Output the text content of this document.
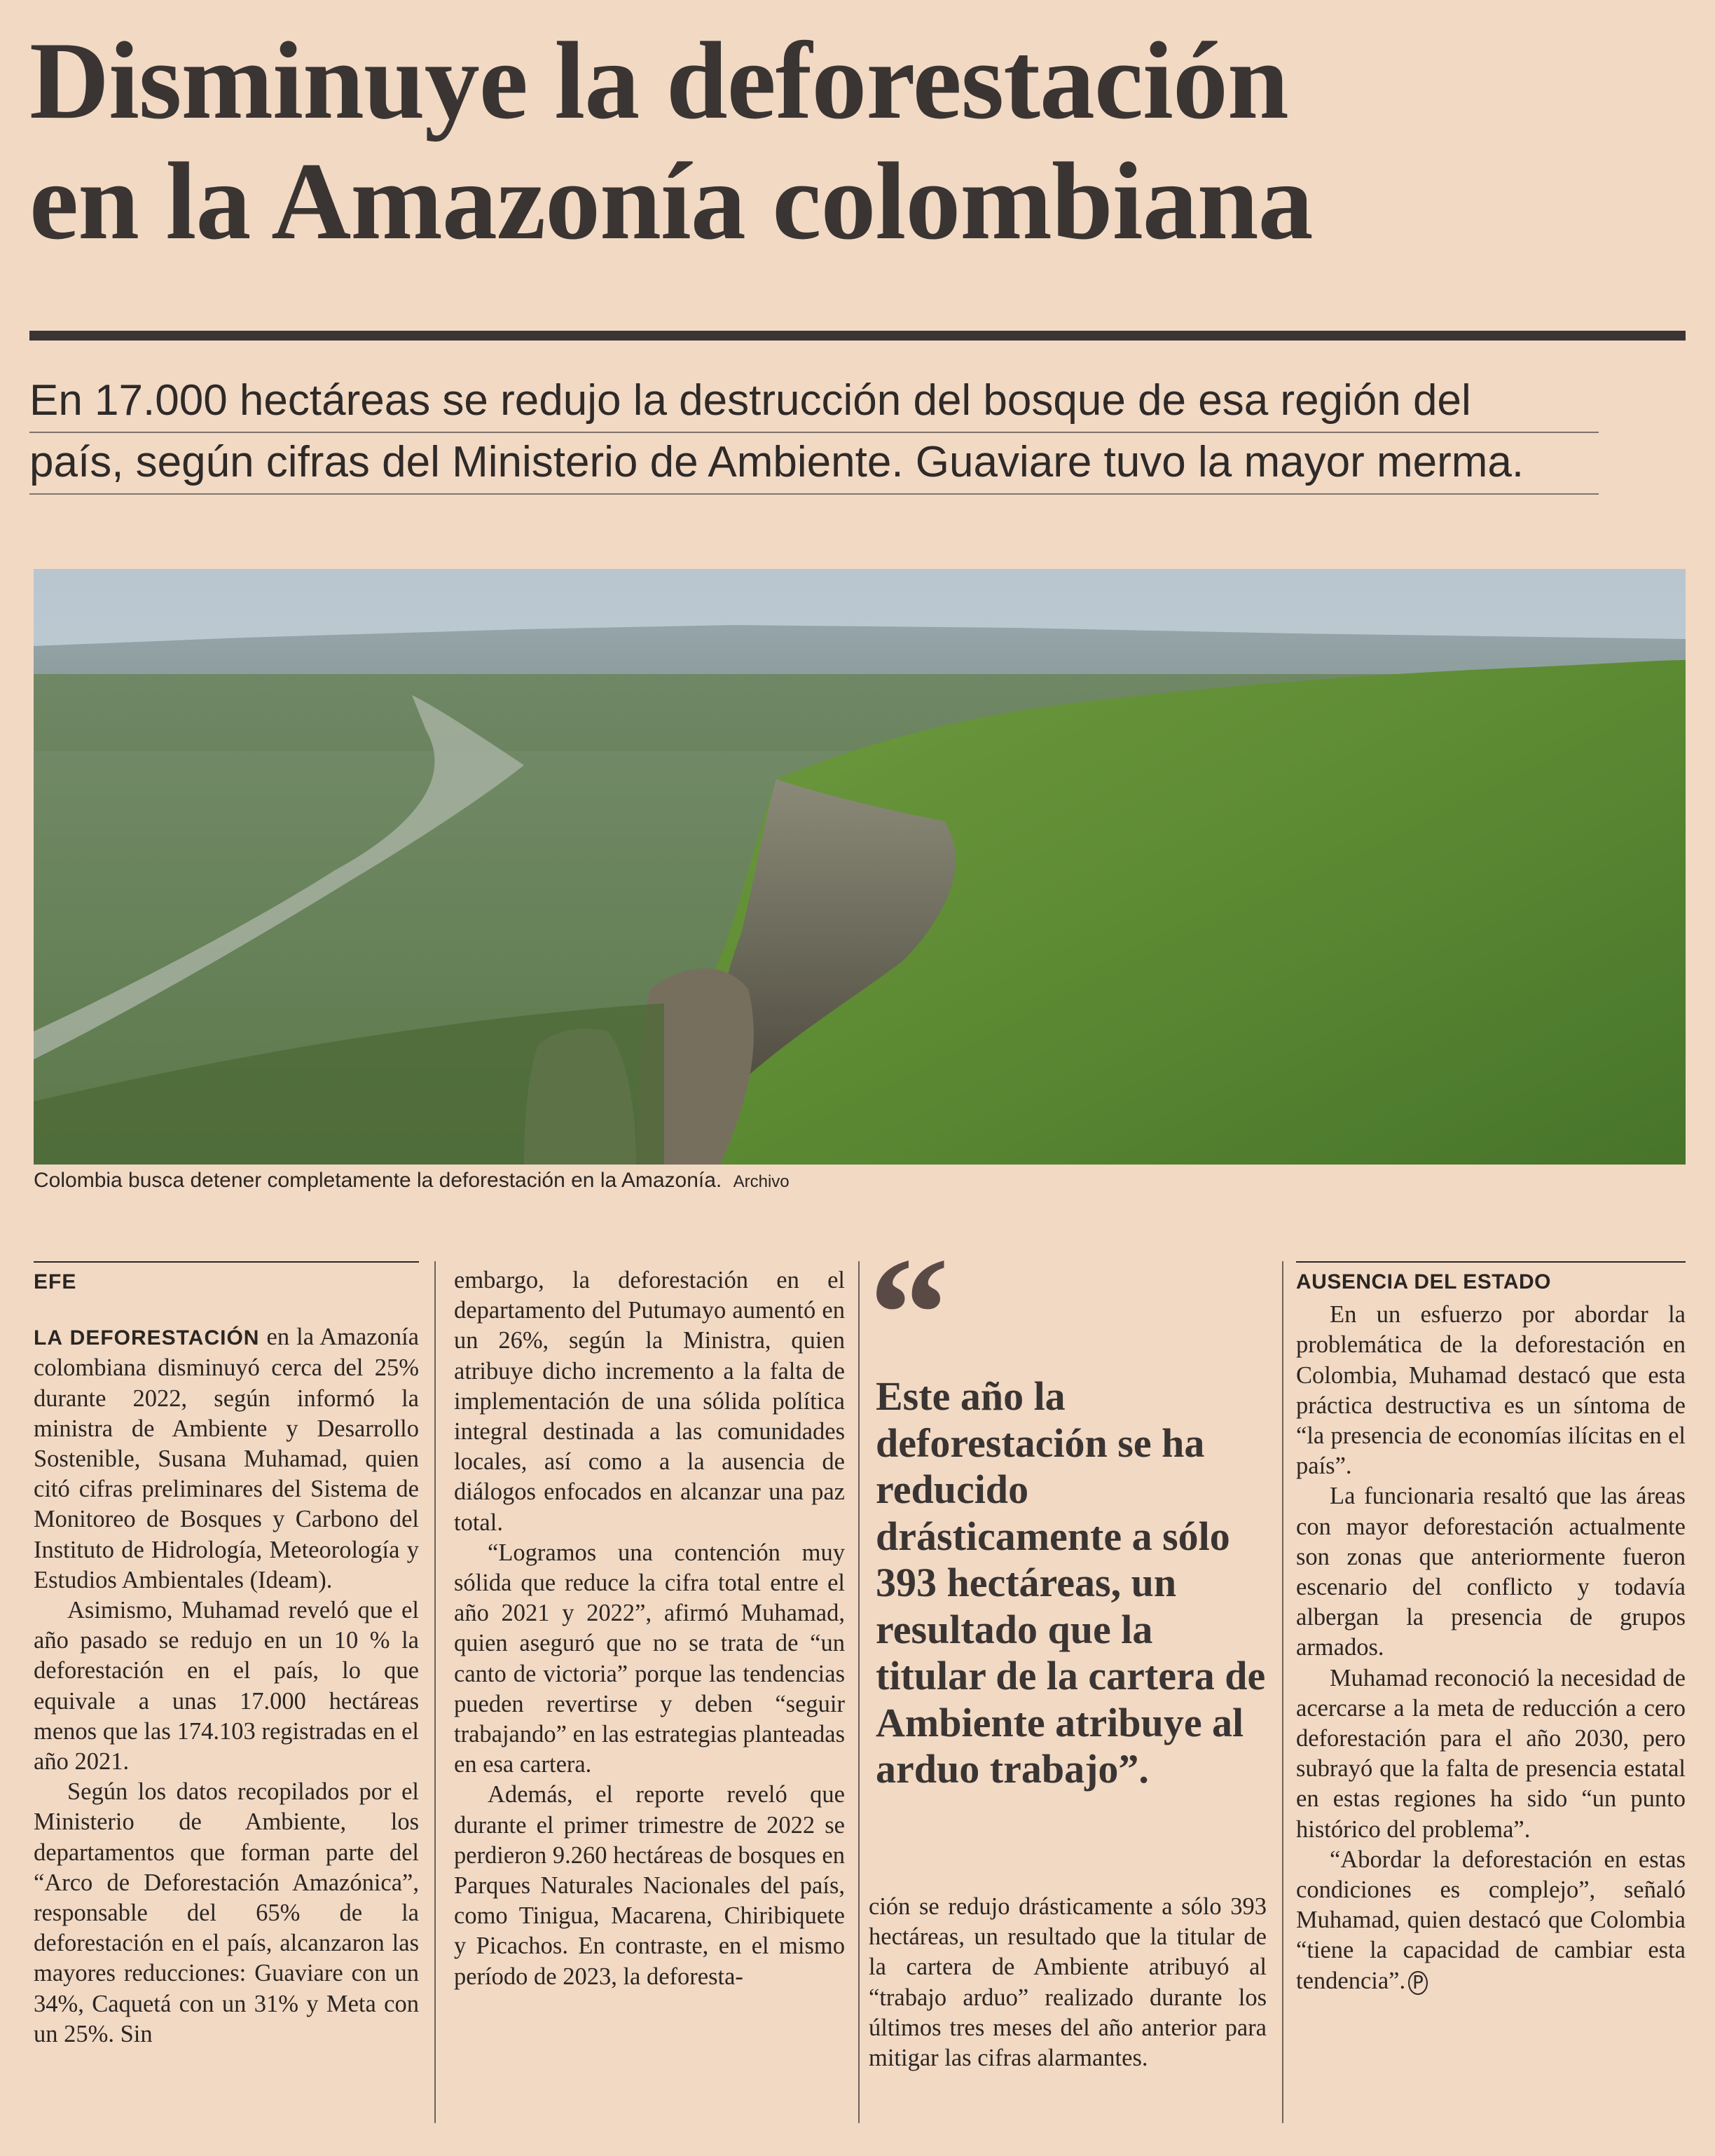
Disminuye la deforestación
en la Amazonía colombiana

En 17.000 hectáreas se redujo la destrucción del bosque de esa región del
país, según cifras del Ministerio de Ambiente. Guaviare tuvo la mayor merma.

Colombia busca detener completamente la deforestación en la Amazonía. Archivo
EFE

LA DEFORESTACIÓN en la Amazonía colombiana disminuyó cerca del 25% durante 2022, según informó la ministra de Ambiente y Desarrollo Sostenible, Susana Muhamad, quien citó cifras preliminares del Sistema de Monitoreo de Bosques y Carbono del Instituto de Hidrología, Meteorología y Estudios Ambientales (Ideam).

Asimismo, Muhamad reveló que el año pasado se redujo en un 10 % la deforestación en el país, lo que equivale a unas 17.000 hectáreas menos que las 174.103 registradas en el año 2021.

Según los datos recopilados por el Ministerio de Ambiente, los departamentos que forman parte del “Arco de Deforestación Amazónica”, responsable del 65% de la deforestación en el país, alcanzaron las mayores reducciones: Guaviare con un 34%, Caquetá con un 31% y Meta con un 25%. Sin

embargo, la deforestación en el departamento del Putumayo aumentó en un 26%, según la Ministra, quien atribuye dicho incremento a la falta de implementación de una sólida política integral destinada a las comunidades locales, así como a la ausencia de diálogos enfocados en alcanzar una paz total.

“Logramos una contención muy sólida que reduce la cifra total entre el año 2021 y 2022”, afirmó Muhamad, quien aseguró que no se trata de “un canto de victoria” porque las tendencias pueden revertirse y deben “seguir trabajando” en las estrategias planteadas en esa cartera.

Además, el reporte reveló que durante el primer trimestre de 2022 se perdieron 9.260 hectáreas de bosques en Parques Naturales Nacionales del país, como Tinigua, Macarena, Chiribiquete y Picachos. En contraste, en el mismo período de 2023, la deforesta-

“
Este año la deforestación se ha reducido drásticamente a sólo 393 hectáreas, un resultado que la titular de la cartera de Ambiente atribuye al arduo trabajo”.

ción se redujo drásticamente a sólo 393 hectáreas, un resultado que la titular de la cartera de Ambiente atribuyó al “trabajo arduo” realizado durante los últimos tres meses del año anterior para mitigar las cifras alarmantes.

AUSENCIA DEL ESTADO

En un esfuerzo por abordar la problemática de la deforestación en Colombia, Muhamad destacó que esta práctica destructiva es un síntoma de “la presencia de economías ilícitas en el país”.

La funcionaria resaltó que las áreas con mayor deforestación actualmente son zonas que anteriormente fueron escenario del conflicto y todavía albergan la presencia de grupos armados.

Muhamad reconoció la necesidad de acercarse a la meta de reducción a cero deforestación para el año 2030, pero subrayó que la falta de presencia estatal en estas regiones ha sido “un punto histórico del problema”.

“Abordar la deforestación en estas condiciones es complejo”, señaló Muhamad, quien destacó que Colombia “tiene la capacidad de cambiar esta tendencia”. P
